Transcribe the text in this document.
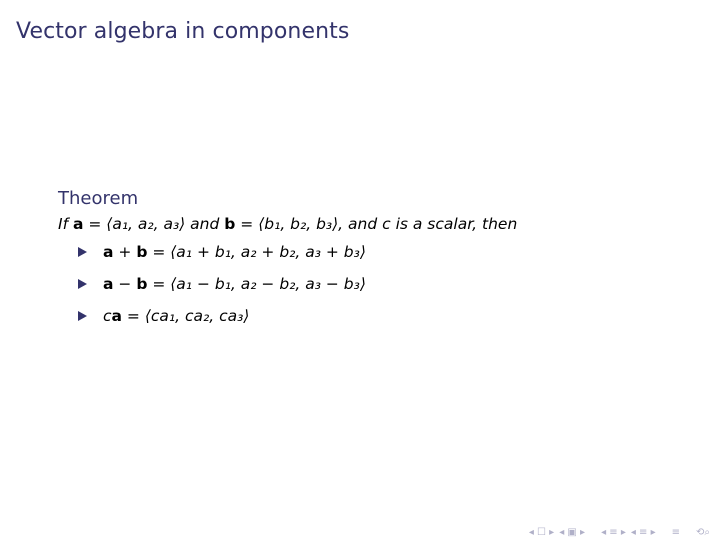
Vector algebra in components
Theorem
If a = ⟨a₁, a₂, a₃⟩ and b = ⟨b₁, b₂, b₃⟩, and c is a scalar, then
a + b = ⟨a₁ + b₁, a₂ + b₂, a₃ + b₃⟩
a − b = ⟨a₁ − b₁, a₂ − b₂, a₃ − b₃⟩
ca = ⟨ca₁, ca₂, ca₃⟩
◂ ☐ ▸ ◂ ▣ ▸ ◂ ≡ ▸ ◂ ≡ ▸ ≡ ⟲⌕
